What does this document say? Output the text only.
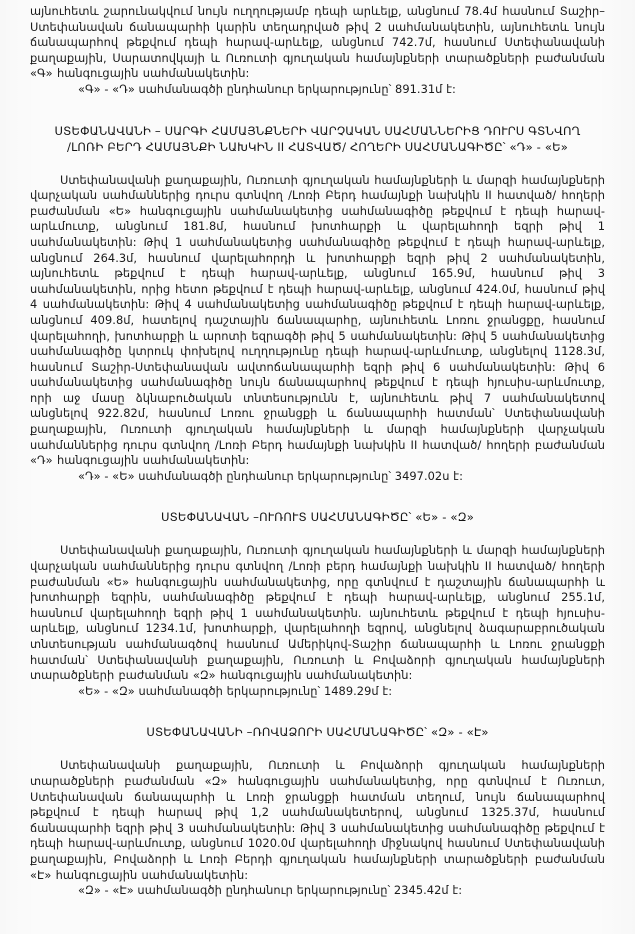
այնուհետև շարունակվում նույն ուղղությամբ դեպի արևելք, անցնում 78.4մ հասնում Տաշիր– Ստեփանավան ճանապարհի կարին տեղադրված թիվ 2 սահմանակետին, այնուհետև նույն ճանապարհով թեքվում դեպի հարավ-արևելք, անցնում 742.7մ, հասնում Ստեփանավանի քաղաքային, Սարատովկայի և Ուռուտի գյուղական համայնքների տարածքների բաժանման «Գ» հանգուցային սահմանակետին:

«Գ» - «Դ» սահմանագծի ընդհանուր երկարությունը՝ 891.31մ է:

ՍՏԵՓԱՆԱՎԱՆԻ – ՍԱՐԳԻ ՀԱՄԱՅՆՔՆԵՐԻ ՎԱՐՉԱԿԱՆ ՍԱՀՄԱՆՆԵՐԻՑ ԴՈՒՐՍ ԳՏՆՎՈՂ
/ԼՈՌԻ ԲԵՐԴ ՀԱՄԱՅՆՔԻ ՆԱԽԿԻՆ II ՀԱՏՎԱԾ/ ՀՈՂԵՐԻ ՍԱՀՄԱՆԱԳԻԾԸ՝ «Դ» - «Ե»

Ստեփանավանի քաղաքային, Ուռուտի գյուղական համայնքների և մարզի համայնքների վարչական սահմաններից դուրս գտնվող /Լոռի Բերդ համայնքի նախկին II հատված/ հողերի բաժանման «Ե» հանգուցային սահմանակետից սահմանագիծը թեքվում է դեպի հարավ-արևմուտք, անցնում 181.8մ, հասնում խոտհարքի և վարելահողի եզրի թիվ 1 սահմանակետին: Թիվ 1 սահմանակետից սահմանագիծը թեքվում է դեպի հարավ-արևելք, անցնում 264.3մ, հասնում վարելահորդի և խոտհարքի եզրի թիվ 2 սահմանակետին, այնուհետև թեքվում է դեպի հարավ-արևելք, անցնում 165.9մ, հասնում թիվ 3 սահմանակետին, որից հետո թեքվում է դեպի հարավ-արևելք, անցնում 424.0մ, հասնում թիվ 4 սահմանակետին: Թիվ 4 սահմանակետից սահմանագիծը թեքվում է դեպի հարավ-արևելք, անցնում 409.8մ, հատելով դաշտային ճանապարհը, այնուհետև Լոռու ջրանցքը, հասնում վարելահողի, խոտհարքի և արոտի եզրագծի թիվ 5 սահմանակետին: Թիվ 5 սահմանակետից սահմանագիծը կտրուկ փոխելով ուղղությունը դեպի հարավ-արևմուտք, անցնելով 1128.3մ, հասնում Տաշիր-Ստեփանավան ավտոճանապարհի եզրի թիվ 6 սահմանակետին: Թիվ 6 սահմանակետից սահմանագիծը նույն ճանապարհով թեքվում է դեպի հյուսիս-արևմուտք, որի աջ մասը ձկնաբուծական տնտեսությունն է, այնուհետև թիվ 7 սահմանակետով անցնելով 922.82մ, հասնում Լոռու ջրանցքի և ճանապարհի հատման՝ Ստեփանավանի քաղաքային, Ուռուտի գյուղական համայնքների և մարզի համայնքների վարչական սահմաններից դուրս գտնվող /Լոռի Բերդ համայնքի նախկին II հատված/ հողերի բաժանման «Դ» հանգուցային սահմանակետին:

«Դ» - «Ե» սահմանագծի ընդհանուր երկարությունը՝ 3497.02ս է:

ՍՏԵՓԱՆԱՎԱՆ –ՈՒՌՈՒՏ ՍԱՀՄԱՆԱԳԻԾԸ՝ «Ե» - «Զ»

Ստեփանավանի քաղաքային, Ուռուտի գյուղական համայնքների և մարզի համայնքների վարչական սահմաններից դուրս գտնվող /Լոռի բերդ համայնքի նախկին II հատված/ հողերի բաժանման «Ե» հանգուցային սահմանակետից, որը գտնվում է դաշտային ճանապարհի և խոտհարքի եզրին, սահմանագիծը թեքվում է դեպի հարավ-արևելք, անցնում 255.1մ, հասնում վարելահողի եզրի թիվ 1 սահմանակետին. այնուհետև թեքվում է դեպի հյուսիս-արևելք, անցնում 1234.1մ, խոտհարքի, վարելահողի եզրով, անցնելով ձագարաբրուծական տնտեսության սահմանագծով հասնում Ամերիկով-Տաշիր ճանապարհի և Լոռու ջրանցքի հատման՝ Ստեփանավանի քաղաքային, Ուռուտի և Բովաձորի գյուղական համայնքների տարածքների բաժանման «Զ» հանգուցային սահմանակետին:

«Ե» - «Զ» սահմանագծի երկարությունը՝ 1489.29մ է:

ՍՏԵՓԱՆԱՎԱՆԻ –ՌՈՎԱՁՈՐԻ ՍԱՀՄԱՆԱԳԻԾԸ՝ «Զ» - «Է»

Ստեփանավանի քաղաքային, Ուռուտի և Բովաձորի գյուղական համայնքների տարածքների բաժանման «Զ» հանգուցային սահմանակետից, որը գտնվում է Ուռուտ, Ստեփանավան ճանապարհի և Լոռի ջրանցքի հատման տեղում, նույն ճանապարհով թեքվում է դեպի հարավ թիվ 1,2 սահմանակետերով, անցնում 1325.37մ, հասնում ճանապարհի եզրի թիվ 3 սահմանակետին: Թիվ 3 սահմանակետից սահմանագիծը թեքվում է դեպի հարավ-արևմուտք, անցնում 1020.0մ վարելահողի միջնակով հասնում Ստեփանավանի քաղաքային, Բովաձորի և Լոռի Բերդի գյուղական համայնքների տարածքների բաժանման «Է» հանգուցային սահմանակետին:

«Զ» - «Է» սահմանագծի ընդհանուր երկարությունը՝ 2345.42մ է:
